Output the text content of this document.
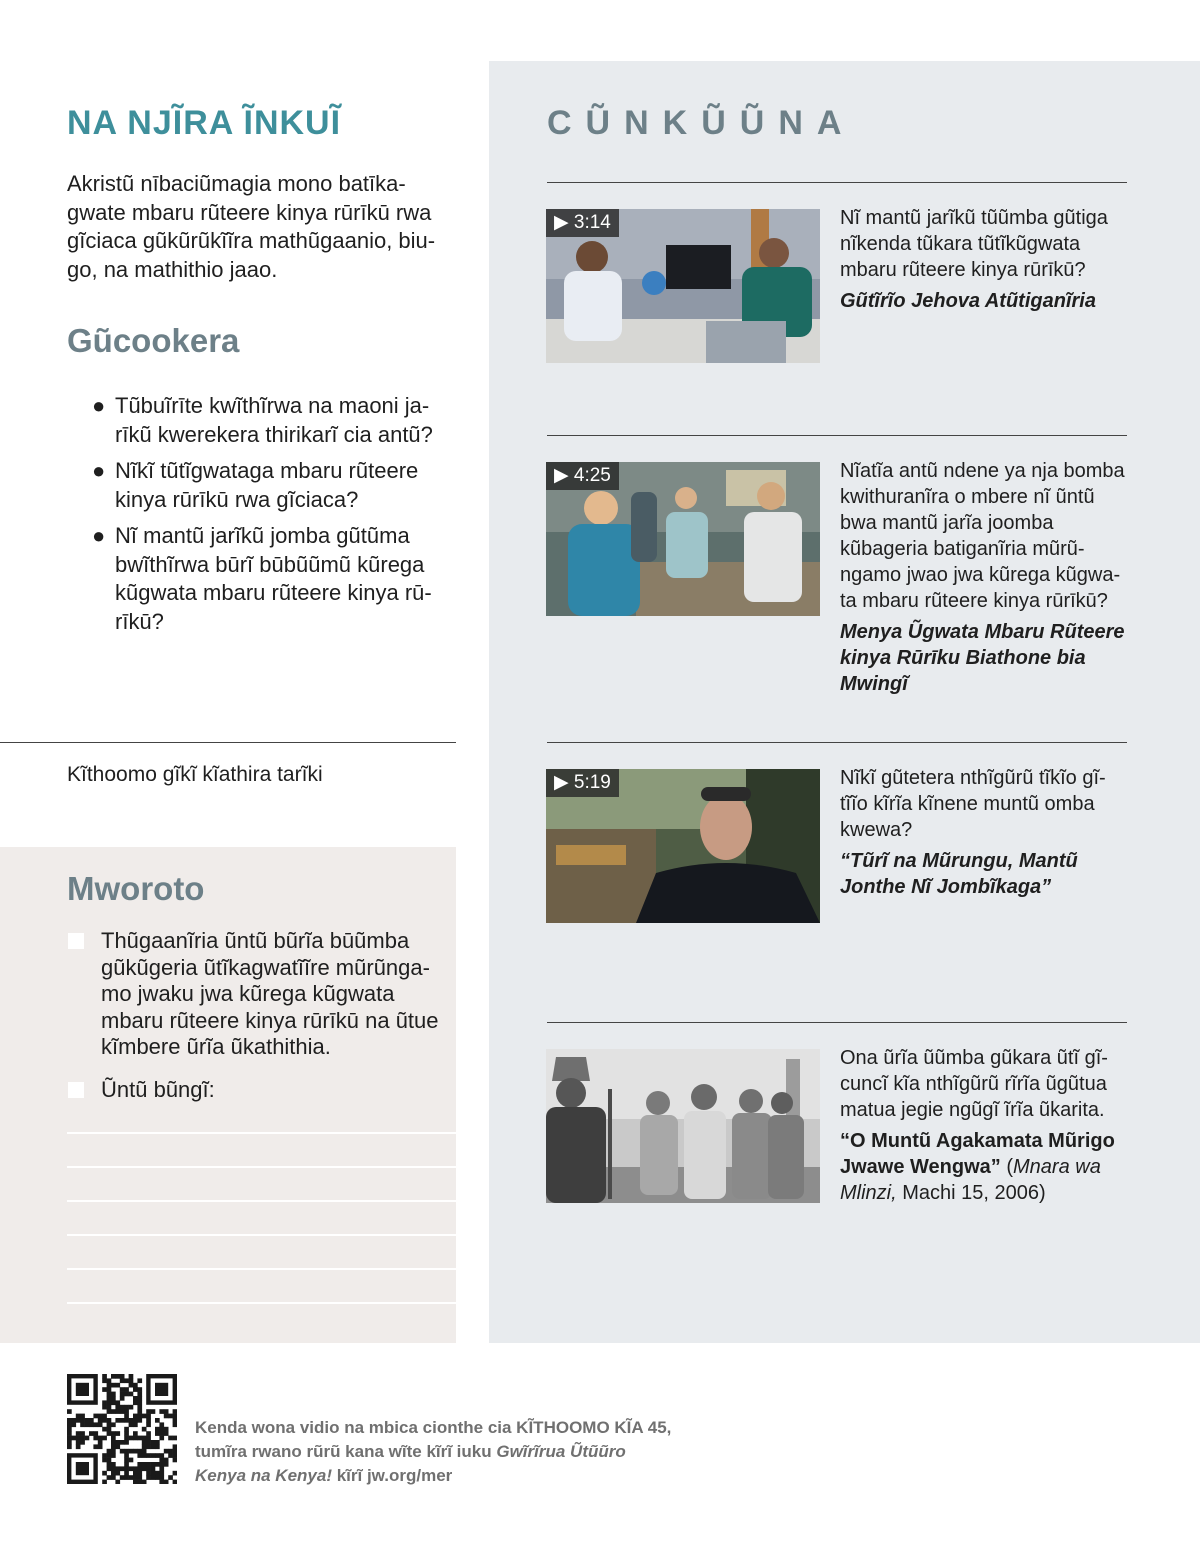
NA NJĨRA ĨNKUĨ
Akristũ nībaciũmagia mono batīkagwate mbaru rũteere kinya rūrīkū rwa gĩciaca gũkũrũkĩĩra mathũgaanio, biugo, na mathithio jaao.
Gũcookera
● Tũbuĩrīte kwĩthĩrwa na maoni jarīkũ kwerekera thirikarĩ cia antũ?
● Nĩkĩ tũtĩgwataga mbaru rũteere kinya rūrīkū rwa gĩciaca?
● Nĩ mantũ jarĩkũ jomba gũtũma bwĩthĩrwa būrĩ būbũũmũ kũrega kũgwata mbaru rũteere kinya rūrīkū?
Kĩthoomo gĩkĩ kĩathira tarĩki
Mworoto
Thũgaanĩria ũntũ bũrĩa būũmba gũkũgeria ũtĩkagwatĩĩre mũrũngamo jwaku jwa kũrega kũgwata mbaru rũteere kinya rūrīkū na ũtue kĩmbere ũrĩa ũkathithia.
Ũntũ bũngĩ:
CŨNKŨŨNA
▶ 3:14	Nĩ mantũ jarĩkũ tũũmba gũtiga nĩkenda tũkara tũtĩkũgwata mbaru rũteere kinya rūrīkū?

Gũtĩrĩo Jehova Atũtiganĩria

▶ 4:25	Nĩatĩa antũ ndene ya nja bomba kwithuranĩra o mbere nĩ ũntũ bwa mantũ jarĩa joomba kũbageria batiganĩria mũrũngamo jwao jwa kũrega kũgwata mbaru rũteere kinya rūrīkū?

Menya Ũgwata Mbaru Rũteere kinya Rūrīku Biathone bia Mwingĩ

▶ 5:19	Nĩkĩ gũtetera nthĩgũrũ tĩkĩo gĩtĩĩo kĩrĩa kĩnene muntũ omba kwewa?

“Tũrĩ na Mũrungu, Mantũ Jonthe Nĩ Jombĩkaga”

Ona ũrĩa ũũmba gũkara ũtĩ gĩcuncĩ kĩa nthĩgũrũ rĩrĩa ũgũtua matua jegie ngũgĩ ĩrĩa ũkarita.

“O Muntũ Agakamata Mũrigo Jwawe Wengwa” (Mnara wa Mlinzi, Machi 15, 2006)

Kenda wona vidio na mbica cionthe cia KĨTHOOMO KĨA 45,
tumĩra rwano rũrũ kana wĩte kĩrĩ iuku Gwĩrĩrua Ũtũũro
Kenya na Kenya! kĩrĩ jw.org/mer
